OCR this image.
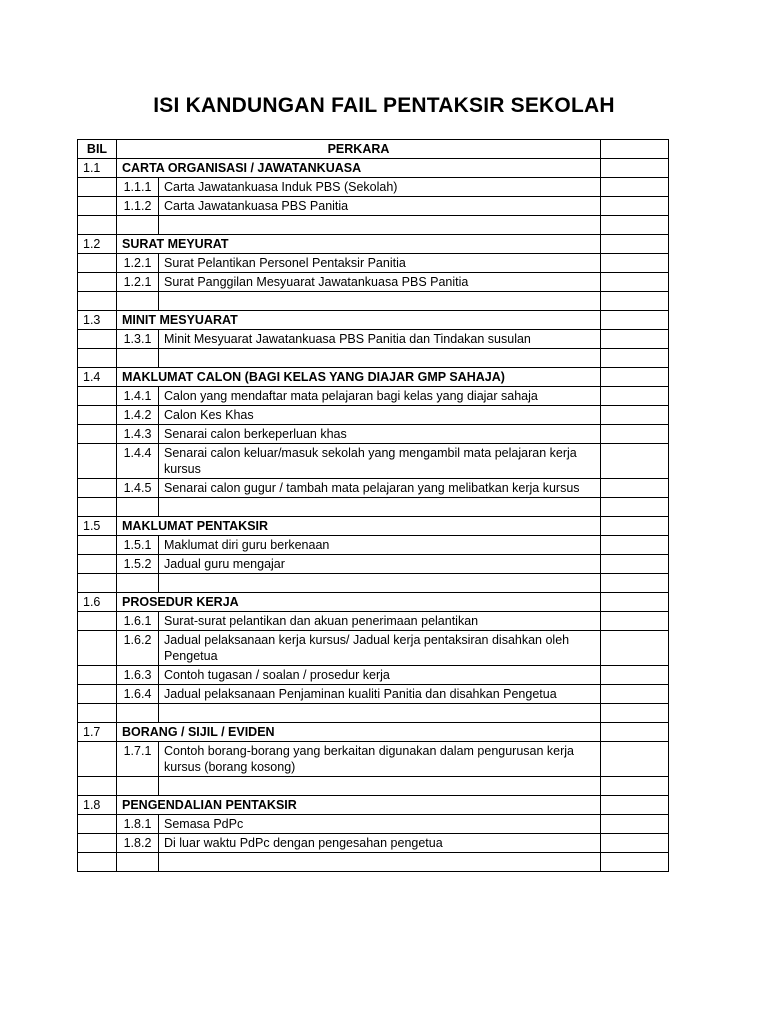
ISI KANDUNGAN FAIL PENTAKSIR SEKOLAH
BIL	PERKARA		
1.1	CARTA ORGANISASI / JAWATANKUASA		
	1.1.1	Carta Jawatankuasa Induk PBS (Sekolah)	
	1.1.2	Carta Jawatankuasa PBS Panitia	

1.2	SURAT MEYURAT		
	1.2.1	Surat Pelantikan Personel Pentaksir Panitia	
	1.2.1	Surat Panggilan Mesyuarat Jawatankuasa PBS Panitia	

1.3	MINIT MESYUARAT		
	1.3.1	Minit Mesyuarat Jawatankuasa PBS Panitia dan Tindakan susulan	

1.4	MAKLUMAT CALON (BAGI KELAS YANG DIAJAR GMP SAHAJA)		
	1.4.1	Calon yang mendaftar mata pelajaran bagi kelas yang diajar sahaja	
	1.4.2	Calon Kes Khas	
	1.4.3	Senarai calon berkeperluan khas	
	1.4.4	Senarai calon keluar/masuk sekolah yang mengambil mata pelajaran kerja kursus	
	1.4.5	Senarai calon gugur / tambah mata pelajaran yang melibatkan kerja kursus	

1.5	MAKLUMAT PENTAKSIR		
	1.5.1	Maklumat diri guru berkenaan	
	1.5.2	Jadual guru mengajar	

1.6	PROSEDUR KERJA		
	1.6.1	Surat-surat pelantikan dan akuan penerimaan pelantikan	
	1.6.2	Jadual pelaksanaan kerja kursus/ Jadual kerja pentaksiran disahkan oleh Pengetua	
	1.6.3	Contoh tugasan / soalan / prosedur kerja	
	1.6.4	Jadual pelaksanaan Penjaminan kualiti Panitia dan disahkan Pengetua	

1.7	BORANG / SIJIL / EVIDEN		
	1.7.1	Contoh borang-borang yang berkaitan digunakan dalam pengurusan kerja kursus (borang kosong)	

1.8	PENGENDALIAN PENTAKSIR		
	1.8.1	Semasa PdPc	
	1.8.2	Di luar waktu PdPc dengan pengesahan pengetua	
